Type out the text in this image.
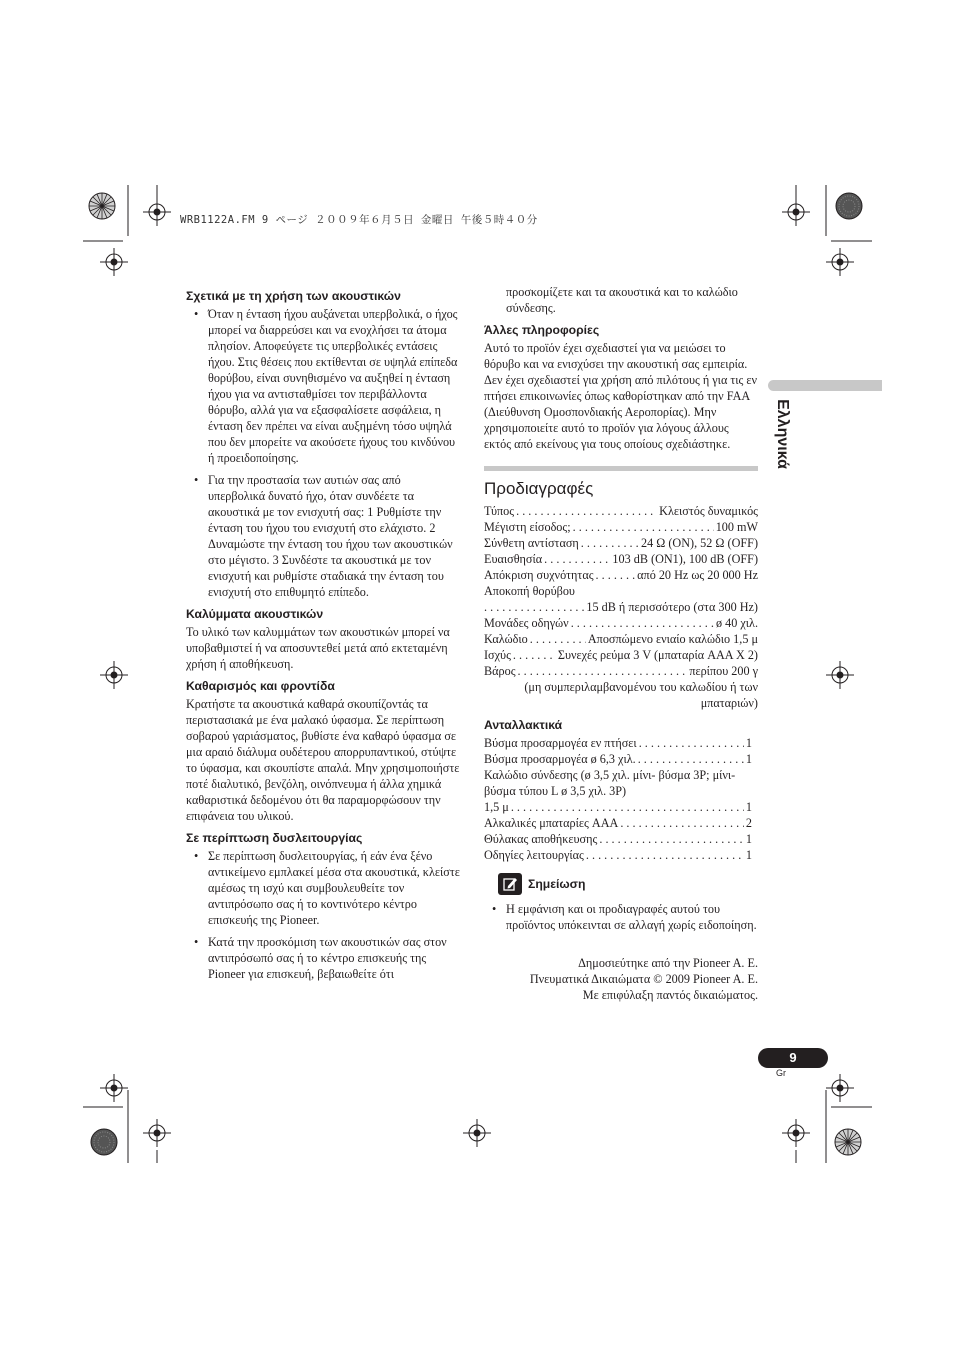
WRB1122A.FM 9 ページ ２００９年６月５日 金曜日 午後５時４０分
Σχετικά με τη χρήση των ακουστικών
• Όταν η ένταση ήχου αυξάνεται υπερβολικά, ο ήχος μπορεί να διαρρεύσει και να ενοχλήσει τα άτομα πλησίον. Αποφεύγετε τις υπερβολικές εντάσεις ήχου. Στις θέσεις που εκτίθενται σε υψηλά επίπεδα θορύβου, είναι συνηθισμένο να αυξηθεί η ένταση ήχου για να αντισταθμίσει τον περιβάλλοντα θόρυβο, αλλά για να εξασφαλίσετε ασφάλεια, η ένταση δεν πρέπει να είναι αυξημένη τόσο υψηλά που δεν μπορείτε να ακούσετε ήχους του κινδύνου ή προειδοποίησης.
• Για την προστασία των αυτιών σας από υπερβολικά δυνατό ήχο, όταν συνδέετε τα ακουστικά με τον ενισχυτή σας: 1 Ρυθμίστε την ένταση του ήχου του ενισχυτή στο ελάχιστο. 2 Δυναμώστε την ένταση του ήχου των ακουστικών στο μέγιστο. 3 Συνδέστε τα ακουστικά με τον ενισχυτή και ρυθμίστε σταδιακά την ένταση του ενισχυτή στο επιθυμητό επίπεδο.
Καλύμματα ακουστικών

Το υλικό των καλυμμάτων των ακουστικών μπορεί να υποβαθμιστεί ή να αποσυντεθεί μετά από εκτεταμένη χρήση ή αποθήκευση.

Καθαρισμός και φροντίδα

Κρατήστε τα ακουστικά καθαρά σκουπίζοντάς τα περιστασιακά με ένα μαλακό ύφασμα. Σε περίπτωση σοβαρού γαριάσματος, βυθίστε ένα καθαρό ύφασμα σε μια αραιό διάλυμα ουδέτερου απορρυπαντικού, στύψτε το ύφασμα, και σκουπίστε απαλά. Μην χρησιμοποιήστε ποτέ διαλυτικό, βενζόλη, οινόπνευμα ή άλλα χημικά καθαριστικά δεδομένου ότι θα παραμορφώσουν την επιφάνεια του υλικού.

Σε περίπτωση δυσλειτουργίας
• Σε περίπτωση δυσλειτουργίας, ή εάν ένα ξένο αντικείμενο εμπλακεί μέσα στα ακουστικά, κλείστε αμέσως τη ισχύ και συμβουλευθείτε τον αντιπρόσωπο σας ή το κοντινότερο κέντρο επισκευής της Pioneer.
• Κατά την προσκόμιση των ακουστικών σας στον αντιπρόσωπό σας ή το κέντρο επισκευής της Pioneer για επισκευή, βεβαιωθείτε ότι

προσκομίζετε και τα ακουστικά και το καλώδιο σύνδεσης.

Άλλες πληροφορίες

Αυτό το προϊόν έχει σχεδιαστεί για να μειώσει το θόρυβο και να ενισχύσει την ακουστική σας εμπειρία. Δεν έχει σχεδιαστεί για χρήση από πιλότους ή για τις εν πτήσει επικοινωνίες όπως καθορίστηκαν από την FAA (Διεύθυνση Ομοσπονδιακής Αεροπορίας). Μην χρησιμοποιείτε αυτό το προϊόν για λόγους άλλους εκτός από εκείνους για τους οποίους σχεδιάστηκε.

Προδιαγραφές
Τύπος . . .	Κλειστός δυναμικός
Μέγιστη είσοδος; . . .	100 mW
Σύνθετη αντίσταση . . .	24 Ω (ON), 52 Ω (OFF)
Ευαισθησία . . .	103 dB (ON1), 100 dB (OFF)
Απόκριση συχνότητας . . .	από 20 Hz ως 20 000 Hz
Αποκοπή θορύβου
. . .
15 dB ή περισσότερο (στα 300 Hz)
Μονάδες οδηγών . . .	ø 40 χιλ.
Καλώδιο . . .	Αποσπώμενο ενιαίο καλώδιο 1,5 μ
Ισχύς . . .	Συνεχές ρεύμα 3 V (μπαταρία AAA X 2)
Βάρος . . .	περίπου 200 γ
(μη συμπεριλαμβανομένου του καλωδίου ή των μπαταριών)
Ανταλλακτικά
Βύσμα προσαρμογέα εν πτήσει . . .	1
Βύσμα προσαρμογέα ø 6,3 χιλ. . . .	1
Καλώδιο σύνδεσης (ø 3,5 χιλ. μίνι- βύσμα 3P; μίνι-βύσμα τύπου L ø 3,5 χιλ. 3P)
1,5 μ . . .	1
Αλκαλικές μπαταρίες AAA . . .	2
Θύλακας αποθήκευσης . . .	1
Οδηγίες λειτουργίας . . .	1
Σημείωση
• Η εμφάνιση και οι προδιαγραφές αυτού του προϊόντος υπόκεινται σε αλλαγή χωρίς ειδοποίηση.
Δημοσιεύτηκε από την Pioneer A. E.
Πνευματικά Δικαιώματα © 2009 Pioneer A. E.
Με επιφύλαξη παντός δικαιώματος.
Ελληνικά
9
Gr
